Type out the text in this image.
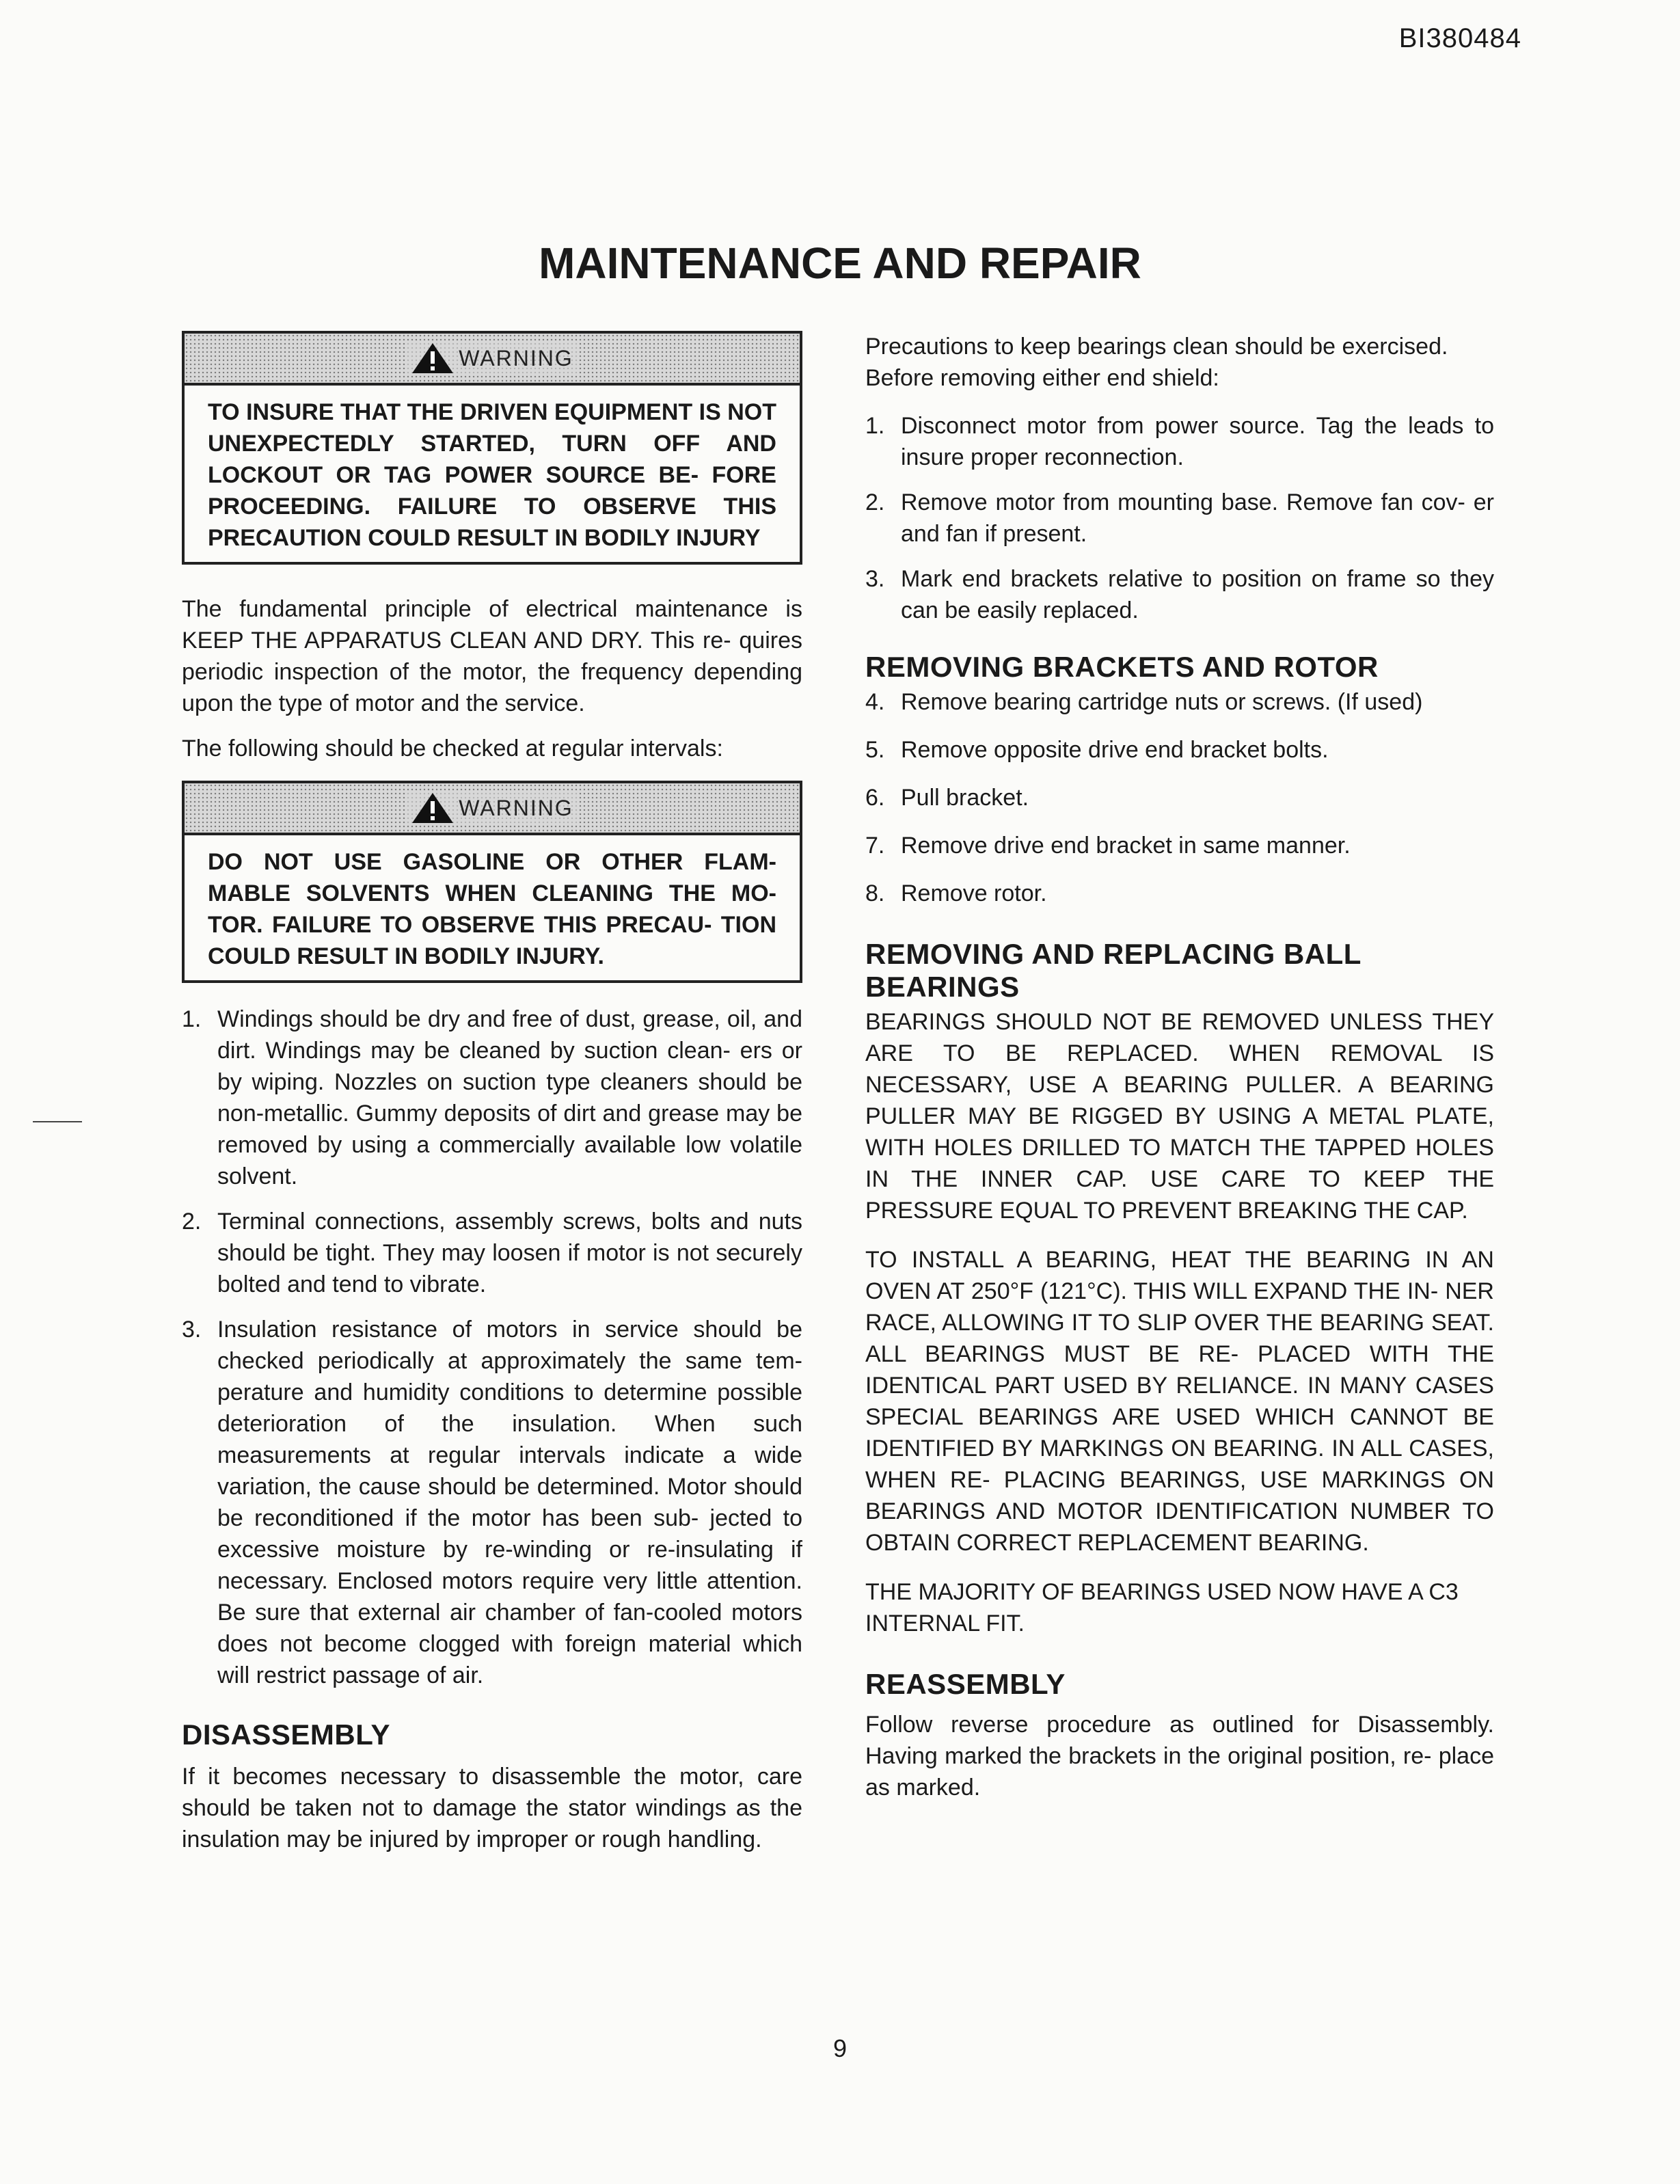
BI380484
MAINTENANCE AND REPAIR
WARNING
TO INSURE THAT THE DRIVEN EQUIPMENT IS NOT UNEXPECTEDLY STARTED, TURN OFF AND LOCKOUT OR TAG POWER SOURCE BE- FORE PROCEEDING. FAILURE TO OBSERVE THIS PRECAUTION COULD RESULT IN BODILY INJURY

The fundamental principle of electrical maintenance is KEEP THE APPARATUS CLEAN AND DRY. This re- quires periodic inspection of the motor, the frequency depending upon the type of motor and the service.

The following should be checked at regular intervals:

WARNING
DO NOT USE GASOLINE OR OTHER FLAM- MABLE SOLVENTS WHEN CLEANING THE MO- TOR. FAILURE TO OBSERVE THIS PRECAU- TION COULD RESULT IN BODILY INJURY.
1. Windings should be dry and free of dust, grease, oil, and dirt. Windings may be cleaned by suction clean- ers or by wiping. Nozzles on suction type cleaners should be non-metallic. Gummy deposits of dirt and grease may be removed by using a commercially available low volatile solvent.
2. Terminal connections, assembly screws, bolts and nuts should be tight. They may loosen if motor is not securely bolted and tend to vibrate.
3. Insulation resistance of motors in service should be checked periodically at approximately the same tem- perature and humidity conditions to determine possible deterioration of the insulation. When such measurements at regular intervals indicate a wide variation, the cause should be determined. Motor should be reconditioned if the motor has been sub- jected to excessive moisture by re-winding or re-insulating if necessary. Enclosed motors require very little attention. Be sure that external air chamber of fan-cooled motors does not become clogged with foreign material which will restrict passage of air.
DISASSEMBLY

If it becomes necessary to disassemble the motor, care should be taken not to damage the stator windings as the insulation may be injured by improper or rough handling.

Precautions to keep bearings clean should be exercised. Before removing either end shield:

1. Disconnect motor from power source. Tag the leads to insure proper reconnection.
2. Remove motor from mounting base. Remove fan cov- er and fan if present.
3. Mark end brackets relative to position on frame so they can be easily replaced.
REMOVING BRACKETS AND ROTOR
4. Remove bearing cartridge nuts or screws. (If used)
5. Remove opposite drive end bracket bolts.
6. Pull bracket.
7. Remove drive end bracket in same manner.
8. Remove rotor.
REMOVING AND REPLACING BALL BEARINGS

BEARINGS SHOULD NOT BE REMOVED UNLESS THEY ARE TO BE REPLACED. WHEN REMOVAL IS NECESSARY, USE A BEARING PULLER. A BEARING PULLER MAY BE RIGGED BY USING A METAL PLATE, WITH HOLES DRILLED TO MATCH THE TAPPED HOLES IN THE INNER CAP. USE CARE TO KEEP THE PRESSURE EQUAL TO PREVENT BREAKING THE CAP.

TO INSTALL A BEARING, HEAT THE BEARING IN AN OVEN AT 250°F (121°C). THIS WILL EXPAND THE IN- NER RACE, ALLOWING IT TO SLIP OVER THE BEARING SEAT. ALL BEARINGS MUST BE RE- PLACED WITH THE IDENTICAL PART USED BY RELIANCE. IN MANY CASES SPECIAL BEARINGS ARE USED WHICH CANNOT BE IDENTIFIED BY MARKINGS ON BEARING. IN ALL CASES, WHEN RE- PLACING BEARINGS, USE MARKINGS ON BEARINGS AND MOTOR IDENTIFICATION NUMBER TO OBTAIN CORRECT REPLACEMENT BEARING.

THE MAJORITY OF BEARINGS USED NOW HAVE A C3 INTERNAL FIT.

REASSEMBLY

Follow reverse procedure as outlined for Disassembly. Having marked the brackets in the original position, re- place as marked.

9
